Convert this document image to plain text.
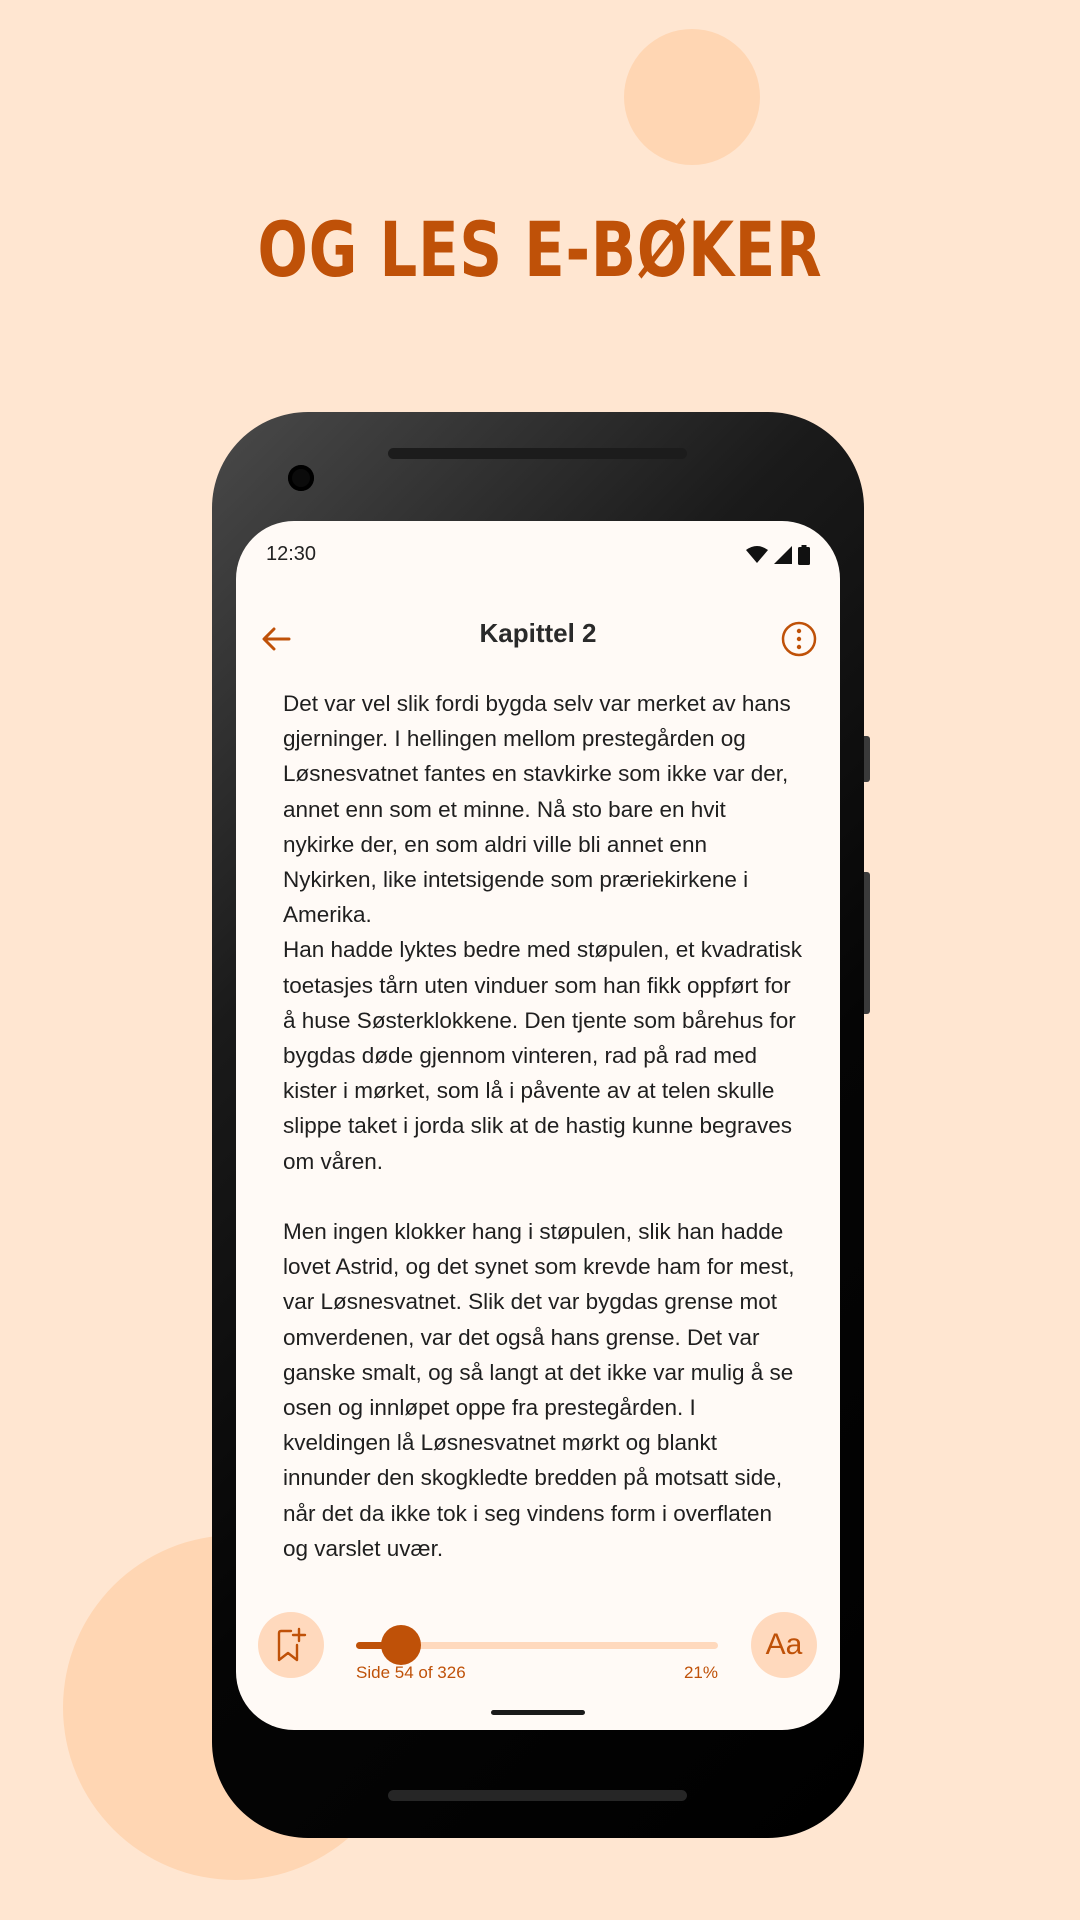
OG LES E-BØKER
12:30
Kapittel 2

Det var vel slik fordi bygda selv var merket av hans gjerninger. I hellingen mellom prestegården og Løsnesvatnet fantes en stavkirke som ikke var der, annet enn som et minne. Nå sto bare en hvit nykirke der, en som aldri ville bli annet enn Nykirken, like intetsigende som præriekirkene i Amerika.

Han hadde lyktes bedre med støpulen, et kvadratisk toetasjes tårn uten vinduer som han fikk oppført for å huse Søsterklokkene. Den tjente som bårehus for bygdas døde gjennom vinteren, rad på rad med kister i mørket, som lå i påvente av at telen skulle slippe taket i jorda slik at de hastig kunne begraves om våren.

Men ingen klokker hang i støpulen, slik han hadde lovet Astrid, og det synet som krevde ham for mest, var Løsnesvatnet. Slik det var bygdas grense mot omverdenen, var det også hans grense. Det var ganske smalt, og så langt at det ikke var mulig å se osen og innløpet oppe fra prestegården. I kveldingen lå Løsnesvatnet mørkt og blankt innunder den skogkledte bredden på motsatt side, når det da ikke tok i seg vindens form i overflaten og varslet uvær.

Side 54 of 326	21%
Aa
